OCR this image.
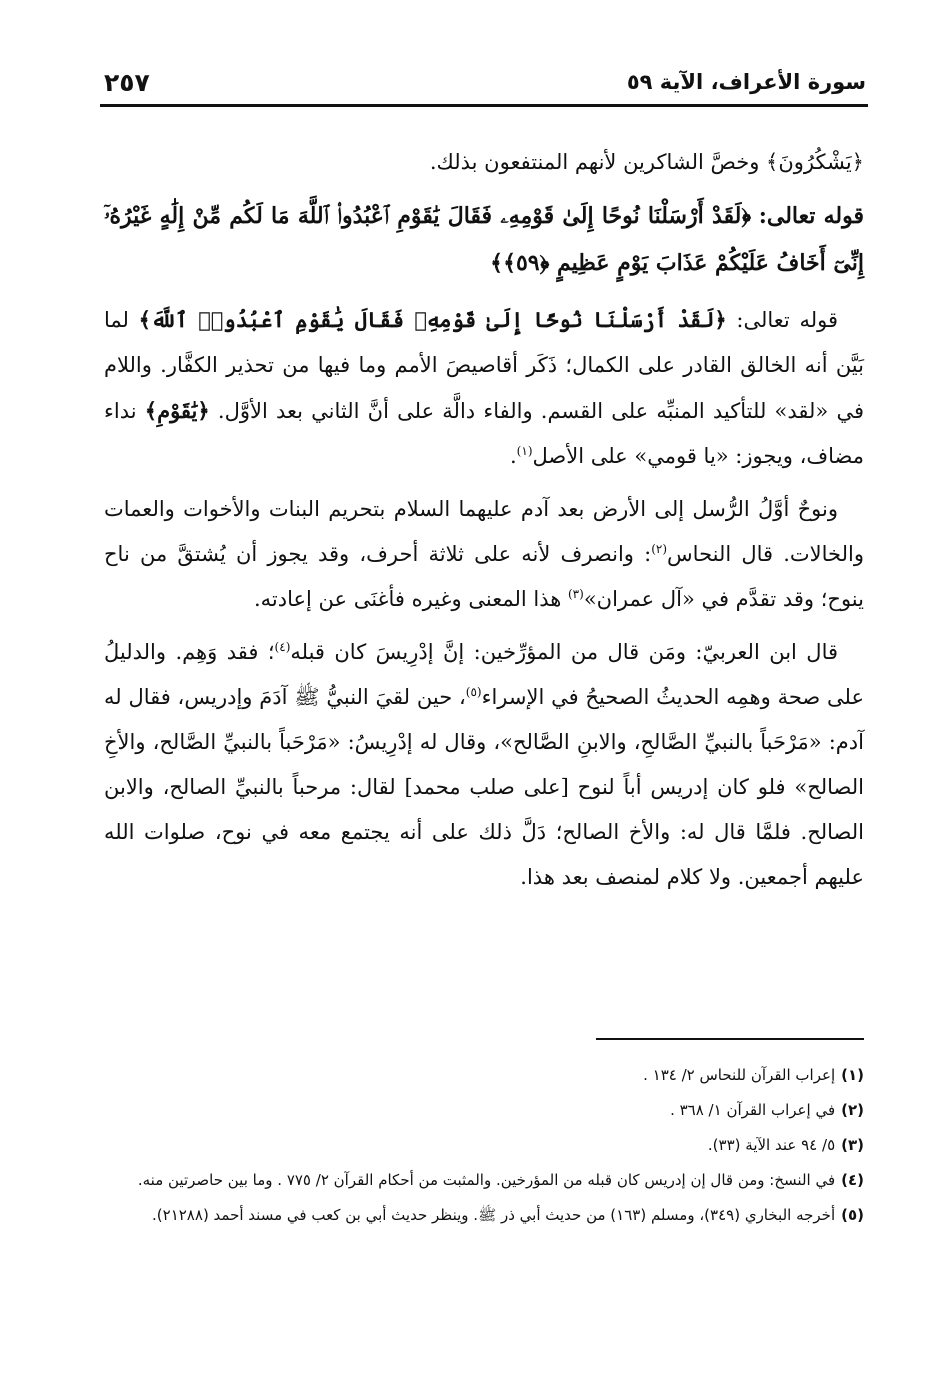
سورة الأعراف، الآية ٥٩
٢٥٧

﴿يَشْكُرُونَ﴾ وخصَّ الشاكرين لأنهم المنتفعون بذلك.

قوله تعالى: ﴿لَقَدْ أَرْسَلْنَا نُوحًا إِلَىٰ قَوْمِهِۦ فَقَالَ يَٰقَوْمِ ٱعْبُدُوا۟ ٱللَّهَ مَا لَكُم مِّنْ إِلَٰهٍ غَيْرُهُۥٓ إِنِّىٓ أَخَافُ عَلَيْكُمْ عَذَابَ يَوْمٍ عَظِيمٍ ﴿٥٩﴾﴾

قوله تعالى: ﴿لَقَدْ أَرْسَلْنَا نُوحًا إِلَىٰ قَوْمِهِۦ فَقَالَ يَٰقَوْمِ ٱعْبُدُوا۟ ٱللَّهَ﴾ لما بَيَّن أنه الخالق القادر على الكمال؛ ذَكَر أقاصيصَ الأمم وما فيها من تحذير الكفَّار. واللام في «لقد» للتأكيد المنبِّه على القسم. والفاء دالَّة على أنَّ الثاني بعد الأوَّل. ﴿يَٰقَوْمِ﴾ نداء مضاف، ويجوز: «يا قومي» على الأصل$^{(١)}$.

ونوحٌ أوَّلُ الرُّسل إلى الأرض بعد آدم عليهما السلام بتحريم البنات والأخوات والعمات والخالات. قال النحاس$^{(٢)}$: وانصرف لأنه على ثلاثة أحرف، وقد يجوز أن يُشتقَّ من ناح ينوح؛ وقد تقدَّم في «آل عمران»$^{(٣)}$ هذا المعنى وغيره فأغنَى عن إعادته.

قال ابن العربيّ: ومَن قال من المؤرِّخين: إنَّ إدْرِيسَ كان قبله$^{(٤)}$؛ فقد وَهِم. والدليلُ على صحة وهمِه الحديثُ الصحيحُ في الإسراء$^{(٥)}$، حين لقيَ النبيُّ ﷺ آدَمَ وإدريس، فقال له آدم: «مَرْحَباً بالنبيِّ الصَّالحِ، والابنِ الصَّالح»، وقال له إدْرِيسُ: «مَرْحَباً بالنبيِّ الصَّالح، والأخِ الصالح» فلو كان إدريس أباً لنوح [على صلب محمد] لقال: مرحباً بالنبيِّ الصالح، والابن الصالح. فلمَّا قال له: والأخ الصالح؛ دَلَّ ذلك على أنه يجتمع معه في نوح، صلوات الله عليهم أجمعين. ولا كلام لمنصف بعد هذا.

(١)إعراب القرآن للنحاس ٢/ ١٣٤ .
(٢)في إعراب القرآن ١/ ٣٦٨ .
(٣)٥/ ٩٤ عند الآية (٣٣).
(٤)في النسخ: ومن قال إن إدريس كان قبله من المؤرخين. والمثبت من أحكام القرآن ٢/ ٧٧٥ . وما بين حاصرتين منه.
(٥)أخرجه البخاري (٣٤٩)، ومسلم (١٦٣) من حديث أبي ذر ﷺ. وينظر حديث أبي بن كعب في مسند أحمد (٢١٢٨٨).
